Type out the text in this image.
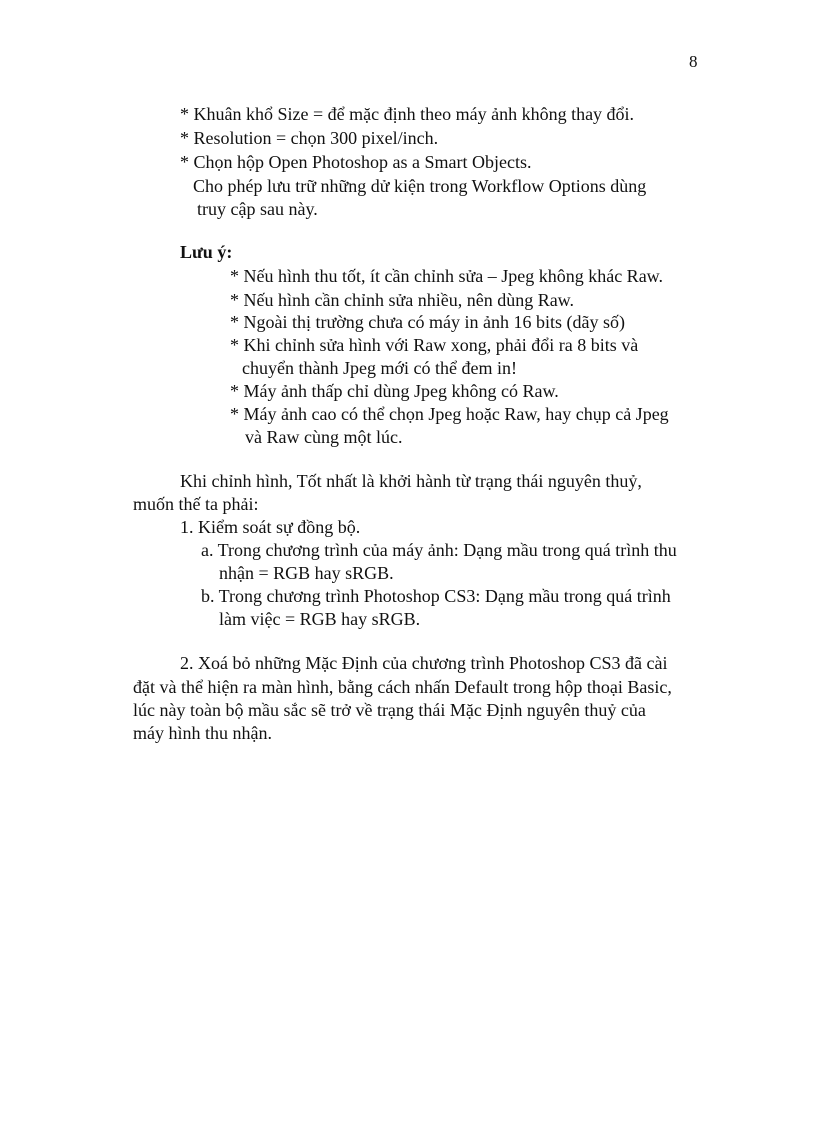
8
* Khuân khổ Size = để mặc định theo máy ảnh không thay đổi.
* Resolution = chọn 300 pixel/inch.
* Chọn hộp Open Photoshop as a Smart Objects.
Cho phép lưu trữ những dử kiện trong Workflow Options dùng
truy cập sau này.
Lưu ý:
* Nếu hình thu tốt, ít cần chỉnh sửa – Jpeg không khác Raw.
* Nếu hình cần chỉnh sửa nhiều, nên dùng Raw.
* Ngoài thị trường chưa có máy in ảnh 16 bits (dãy số)
* Khi chỉnh sửa hình với Raw xong, phải đổi ra 8 bits và
chuyển thành Jpeg mới có thể đem in!
* Máy ảnh thấp chỉ dùng Jpeg không có Raw.
* Máy ảnh cao có thể chọn Jpeg hoặc Raw, hay chụp cả Jpeg
và Raw cùng một lúc.
Khi chỉnh hình, Tốt nhất là khởi hành từ trạng thái nguyên thuỷ,
muốn thế ta phải:
1. Kiểm soát sự đồng bộ.
a. Trong chương trình của máy ảnh: Dạng mầu trong quá trình thu
nhận = RGB hay sRGB.
b. Trong chương trình Photoshop CS3: Dạng mầu trong quá trình
làm việc = RGB hay sRGB.
2. Xoá bỏ những Mặc Định của chương trình Photoshop CS3 đã cài
đặt và thể hiện ra màn hình, bằng cách nhấn Default trong hộp thoại Basic,
lúc này toàn bộ mầu sắc sẽ trở về trạng thái Mặc Định nguyên thuỷ của
máy hình thu nhận.
